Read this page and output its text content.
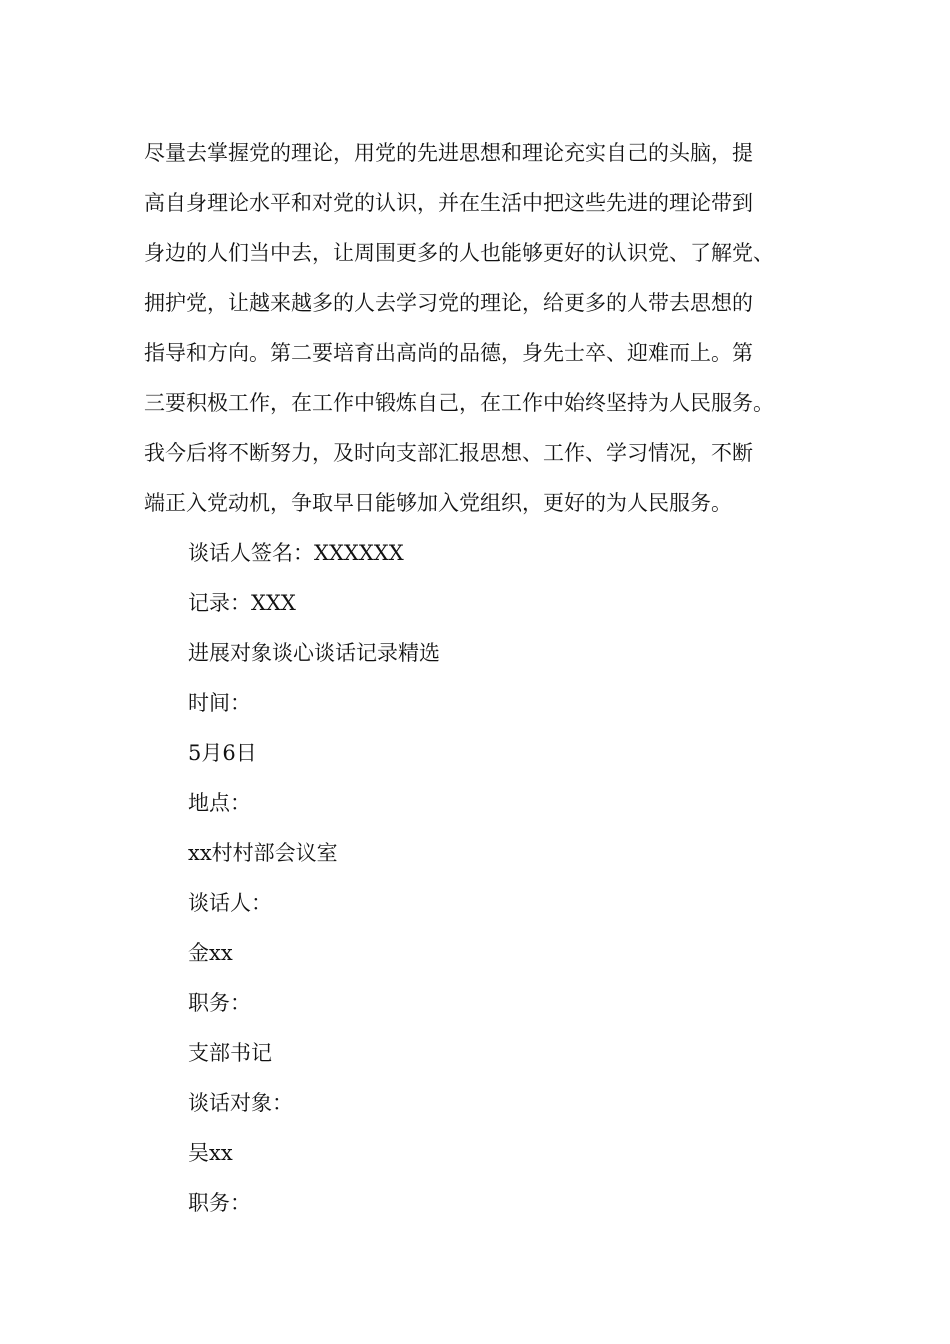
尽量去掌握党的理论，用党的先进思想和理论充实自己的头脑，提
高自身理论水平和对党的认识，并在生活中把这些先进的理论带到
身边的人们当中去，让周围更多的人也能够更好的认识党、了解党、
拥护党，让越来越多的人去学习党的理论，给更多的人带去思想的
指导和方向。第二要培育出高尚的品德，身先士卒、迎难而上。第
三要积极工作，在工作中锻炼自己，在工作中始终坚持为人民服务。
我今后将不断努力，及时向支部汇报思想、工作、学习情况，不断
端正入党动机，争取早日能够加入党组织，更好的为人民服务。
谈话人签名：XXXXXX
记录：XXX
进展对象谈心谈话记录精选
时间：
5月6日
地点：
xx村村部会议室
谈话人：
金xx
职务：
支部书记
谈话对象：
吴xx
职务：
